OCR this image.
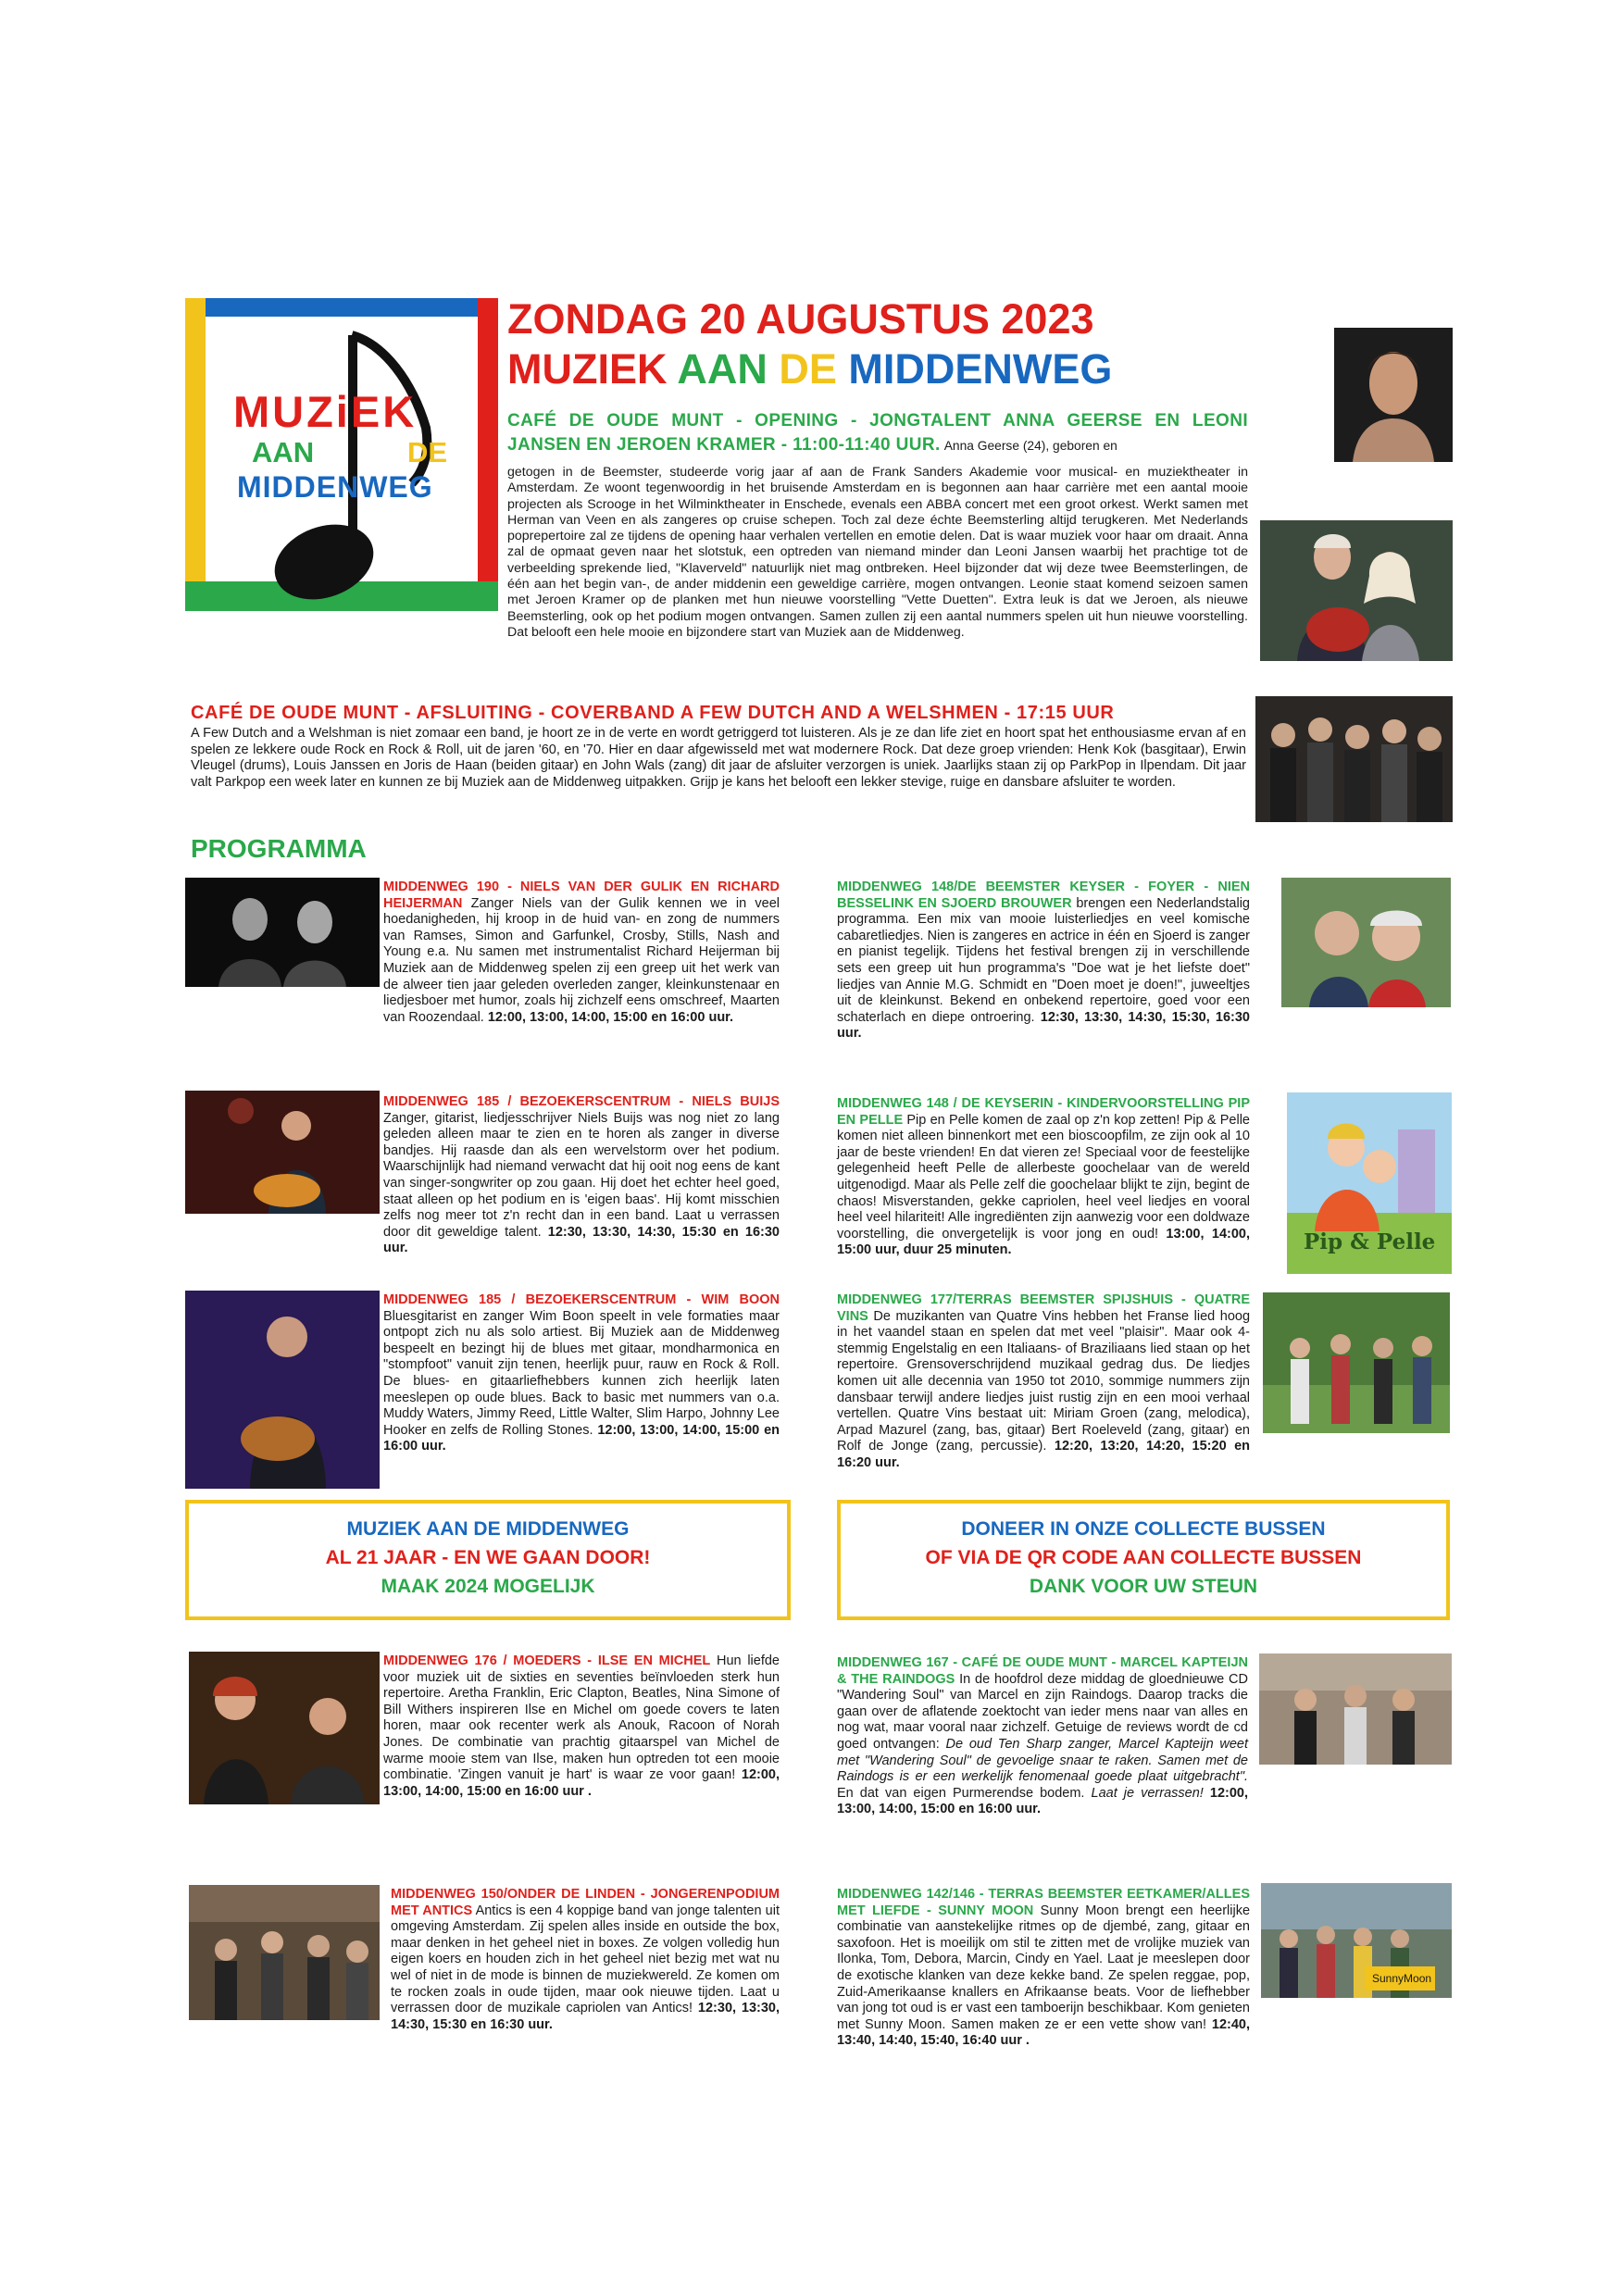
MUZiEK
AAN	DE
MIDDENWEG
ZONDAG 20 AUGUSTUS 2023
MUZIEK AAN DE MIDDENWEG
CAFÉ DE OUDE MUNT - OPENING - JONGTALENT ANNA GEERSE EN LEONI JANSEN EN JEROEN KRAMER - 11:00-11:40 UUR. Anna Geerse (24), geboren en
getogen in de Beemster, studeerde vorig jaar af aan de Frank Sanders Akademie voor musical- en muziektheater in Amsterdam. Ze woont tegenwoordig in het bruisende Amsterdam en is begonnen aan haar carrière met een aantal mooie projecten als Scrooge in het Wilminktheater in Enschede, evenals een ABBA concert met een groot orkest. Werkt samen met Herman van Veen en als zangeres op cruise schepen. Toch zal deze échte Beemsterling altijd terugkeren. Met Nederlands poprepertoire zal ze tijdens de opening haar verhalen vertellen en emotie delen. Dat is waar muziek voor haar om draait. Anna zal de opmaat geven naar het slotstuk, een optreden van niemand minder dan Leoni Jansen waarbij het prachtige tot de verbeelding sprekende lied, "Klaverveld" natuurlijk niet mag ontbreken. Heel bijzonder dat wij deze twee Beemsterlingen, de één aan het begin van-, de ander middenin een geweldige carrière, mogen ontvangen. Leonie staat komend seizoen samen met Jeroen Kramer op de planken met hun nieuwe voorstelling "Vette Duetten". Extra leuk is dat we Jeroen, als nieuwe Beemsterling, ook op het podium mogen ontvangen. Samen zullen zij een aantal nummers spelen uit hun nieuwe voorstelling. Dat belooft een hele mooie en bijzondere start van Muziek aan de Middenweg.
CAFÉ DE OUDE MUNT - AFSLUITING - COVERBAND A FEW DUTCH AND A WELSHMEN - 17:15 UUR
A Few Dutch and a Welshman is niet zomaar een band, je hoort ze in de verte en wordt getriggerd tot luisteren. Als je ze dan life ziet en hoort spat het enthousiasme ervan af en spelen ze lekkere oude Rock en Rock & Roll, uit de jaren '60, en '70. Hier en daar afgewisseld met wat modernere Rock. Dat deze groep vrienden: Henk Kok (basgitaar), Erwin Vleugel (drums), Louis Janssen en Joris de Haan (beiden gitaar) en John Wals (zang) dit jaar de afsluiter verzorgen is uniek. Jaarlijks staan zij op ParkPop in Ilpendam. Dit jaar valt Parkpop een week later en kunnen ze bij Muziek aan de Middenweg uitpakken. Grijp je kans het belooft een lekker stevige, ruige en dansbare afsluiter te worden.
PROGRAMMA
MIDDENWEG 190 - NIELS VAN DER GULIK EN RICHARD HEIJERMAN Zanger Niels van der Gulik kennen we in veel hoedanigheden, hij kroop in de huid van- en zong de nummers van Ramses, Simon and Garfunkel, Crosby, Stills, Nash and Young e.a. Nu samen met instrumentalist Richard Heijerman bij Muziek aan de Middenweg spelen zij een greep uit het werk van de alweer tien jaar geleden overleden zanger, kleinkunstenaar en liedjesboer met humor, zoals hij zichzelf eens omschreef, Maarten van Roozendaal. 12:00, 13:00, 14:00, 15:00 en 16:00 uur.
MIDDENWEG 185 / BEZOEKERSCENTRUM - NIELS BUIJS Zanger, gitarist, liedjesschrijver Niels Buijs was nog niet zo lang geleden alleen maar te zien en te horen als zanger in diverse bandjes. Hij raasde dan als een wervelstorm over het podium. Waarschijnlijk had niemand verwacht dat hij ooit nog eens de kant van singer-songwriter op zou gaan. Hij doet het echter heel goed, staat alleen op het podium en is 'eigen baas'. Hij komt misschien zelfs nog meer tot z'n recht dan in een band. Laat u verrassen door dit geweldige talent. 12:30, 13:30, 14:30, 15:30 en 16:30 uur.
MIDDENWEG 185 / BEZOEKERSCENTRUM - WIM BOON Bluesgitarist en zanger Wim Boon speelt in vele formaties maar ontpopt zich nu als solo artiest. Bij Muziek aan de Middenweg bespeelt en bezingt hij de blues met gitaar, mondharmonica en "stompfoot" vanuit zijn tenen, heerlijk puur, rauw en Rock & Roll. De blues- en gitaarliefhebbers kunnen zich heerlijk laten meeslepen op oude blues. Back to basic met nummers van o.a. Muddy Waters, Jimmy Reed, Little Walter, Slim Harpo, Johnny Lee Hooker en zelfs de Rolling Stones. 12:00, 13:00, 14:00, 15:00 en 16:00 uur.
MIDDENWEG 176 / MOEDERS - ILSE EN MICHEL Hun liefde voor muziek uit de sixties en seventies beïnvloeden sterk hun repertoire. Aretha Franklin, Eric Clapton, Beatles, Nina Simone of Bill Withers inspireren Ilse en Michel om goede covers te laten horen, maar ook recenter werk als Anouk, Racoon of Norah Jones. De combinatie van prachtig gitaarspel van Michel de warme mooie stem van Ilse, maken hun optreden tot een mooie combinatie. 'Zingen vanuit je hart' is waar ze voor gaan! 12:00, 13:00, 14:00, 15:00 en 16:00 uur .
MIDDENWEG 150/ONDER DE LINDEN - JONGERENPODIUM MET ANTICS Antics is een 4 koppige band van jonge talenten uit omgeving Amsterdam. Zij spelen alles inside en outside the box, maar denken in het geheel niet in boxes. Ze volgen volledig hun eigen koers en houden zich in het geheel niet bezig met wat nu wel of niet in de mode is binnen de muziekwereld. Ze komen om te rocken zoals in oude tijden, maar ook nieuwe tijden. Laat u verrassen door de muzikale capriolen van Antics! 12:30, 13:30, 14:30, 15:30 en 16:30 uur.
MIDDENWEG 148/DE BEEMSTER KEYSER - FOYER - NIEN BESSELINK EN SJOERD BROUWER brengen een Nederlandstalig programma. Een mix van mooie luisterliedjes en veel komische cabaretliedjes. Nien is zangeres en actrice in één en Sjoerd is zanger en pianist tegelijk. Tijdens het festival brengen zij in verschillende sets een greep uit hun programma's "Doe wat je het liefste doet" liedjes van Annie M.G. Schmidt en "Doen moet je doen!", juweeltjes uit de kleinkunst. Bekend en onbekend repertoire, goed voor een schaterlach en diepe ontroering. 12:30, 13:30, 14:30, 15:30, 16:30 uur.
MIDDENWEG 148 / DE KEYSERIN - KINDERVOORSTELLING PIP EN PELLE Pip en Pelle komen de zaal op z'n kop zetten! Pip & Pelle komen niet alleen binnenkort met een bioscoopfilm, ze zijn ook al 10 jaar de beste vrienden! En dat vieren ze! Speciaal voor de feestelijke gelegenheid heeft Pelle de allerbeste goochelaar van de wereld uitgenodigd. Maar als Pelle zelf die goochelaar blijkt te zijn, begint de chaos! Misverstanden, gekke capriolen, heel veel liedjes en vooral heel veel hilariteit! Alle ingrediënten zijn aanwezig voor een doldwaze voorstelling, die onvergetelijk is voor jong en oud! 13:00, 14:00, 15:00 uur, duur 25 minuten.	Pip & Pelle
MIDDENWEG 177/TERRAS BEEMSTER SPIJSHUIS - QUATRE VINS De muzikanten van Quatre Vins hebben het Franse lied hoog in het vaandel staan en spelen dat met veel "plaisir". Maar ook 4- stemmig Engelstalig en een Italiaans- of Braziliaans lied staan op het repertoire. Grensoverschrijdend muzikaal gedrag dus. De liedjes komen uit alle decennia van 1950 tot 2010, sommige nummers zijn dansbaar terwijl andere liedjes juist rustig zijn en een mooi verhaal vertellen. Quatre Vins bestaat uit: Miriam Groen (zang, melodica), Arpad Mazurel (zang, bas, gitaar) Bert Roeleveld (zang, gitaar) en Rolf de Jonge (zang, percussie). 12:20, 13:20, 14:20, 15:20 en 16:20 uur.
MUZIEK AAN DE MIDDENWEG
AL 21 JAAR - EN WE GAAN DOOR!
MAAK 2024 MOGELIJK
DONEER IN ONZE COLLECTE BUSSEN
OF VIA DE QR CODE AAN COLLECTE BUSSEN
DANK VOOR UW STEUN
MIDDENWEG 167 - CAFÉ DE OUDE MUNT - MARCEL KAPTEIJN & THE RAINDOGS In de hoofdrol deze middag de gloednieuwe CD "Wandering Soul" van Marcel en zijn Raindogs. Daarop tracks die gaan over de aflatende zoektocht van ieder mens naar van alles en nog wat, maar vooral naar zichzelf. Getuige de reviews wordt de cd goed ontvangen: De oud Ten Sharp zanger, Marcel Kapteijn weet met "Wandering Soul" de gevoelige snaar te raken. Samen met de Raindogs is er een werkelijk fenomenaal goede plaat uitgebracht". En dat van eigen Purmerendse bodem. Laat je verrassen! 12:00, 13:00, 14:00, 15:00 en 16:00 uur.
MIDDENWEG 142/146 - TERRAS BEEMSTER EETKAMER/ALLES MET LIEFDE - SUNNY MOON Sunny Moon brengt een heerlijke combinatie van aanstekelijke ritmes op de djembé, zang, gitaar en saxofoon. Het is moeilijk om stil te zitten met de vrolijke muziek van Ilonka, Tom, Debora, Marcin, Cindy en Yael. Laat je meeslepen door de exotische klanken van deze kekke band. Ze spelen reggae, pop, Zuid-Amerikaanse knallers en Afrikaanse beats. Voor de liefhebber van jong tot oud is er vast een tamboerijn beschikbaar. Kom genieten met Sunny Moon. Samen maken ze er een vette show van! 12:40, 13:40, 14:40, 15:40, 16:40 uur .
SunnyMoon
